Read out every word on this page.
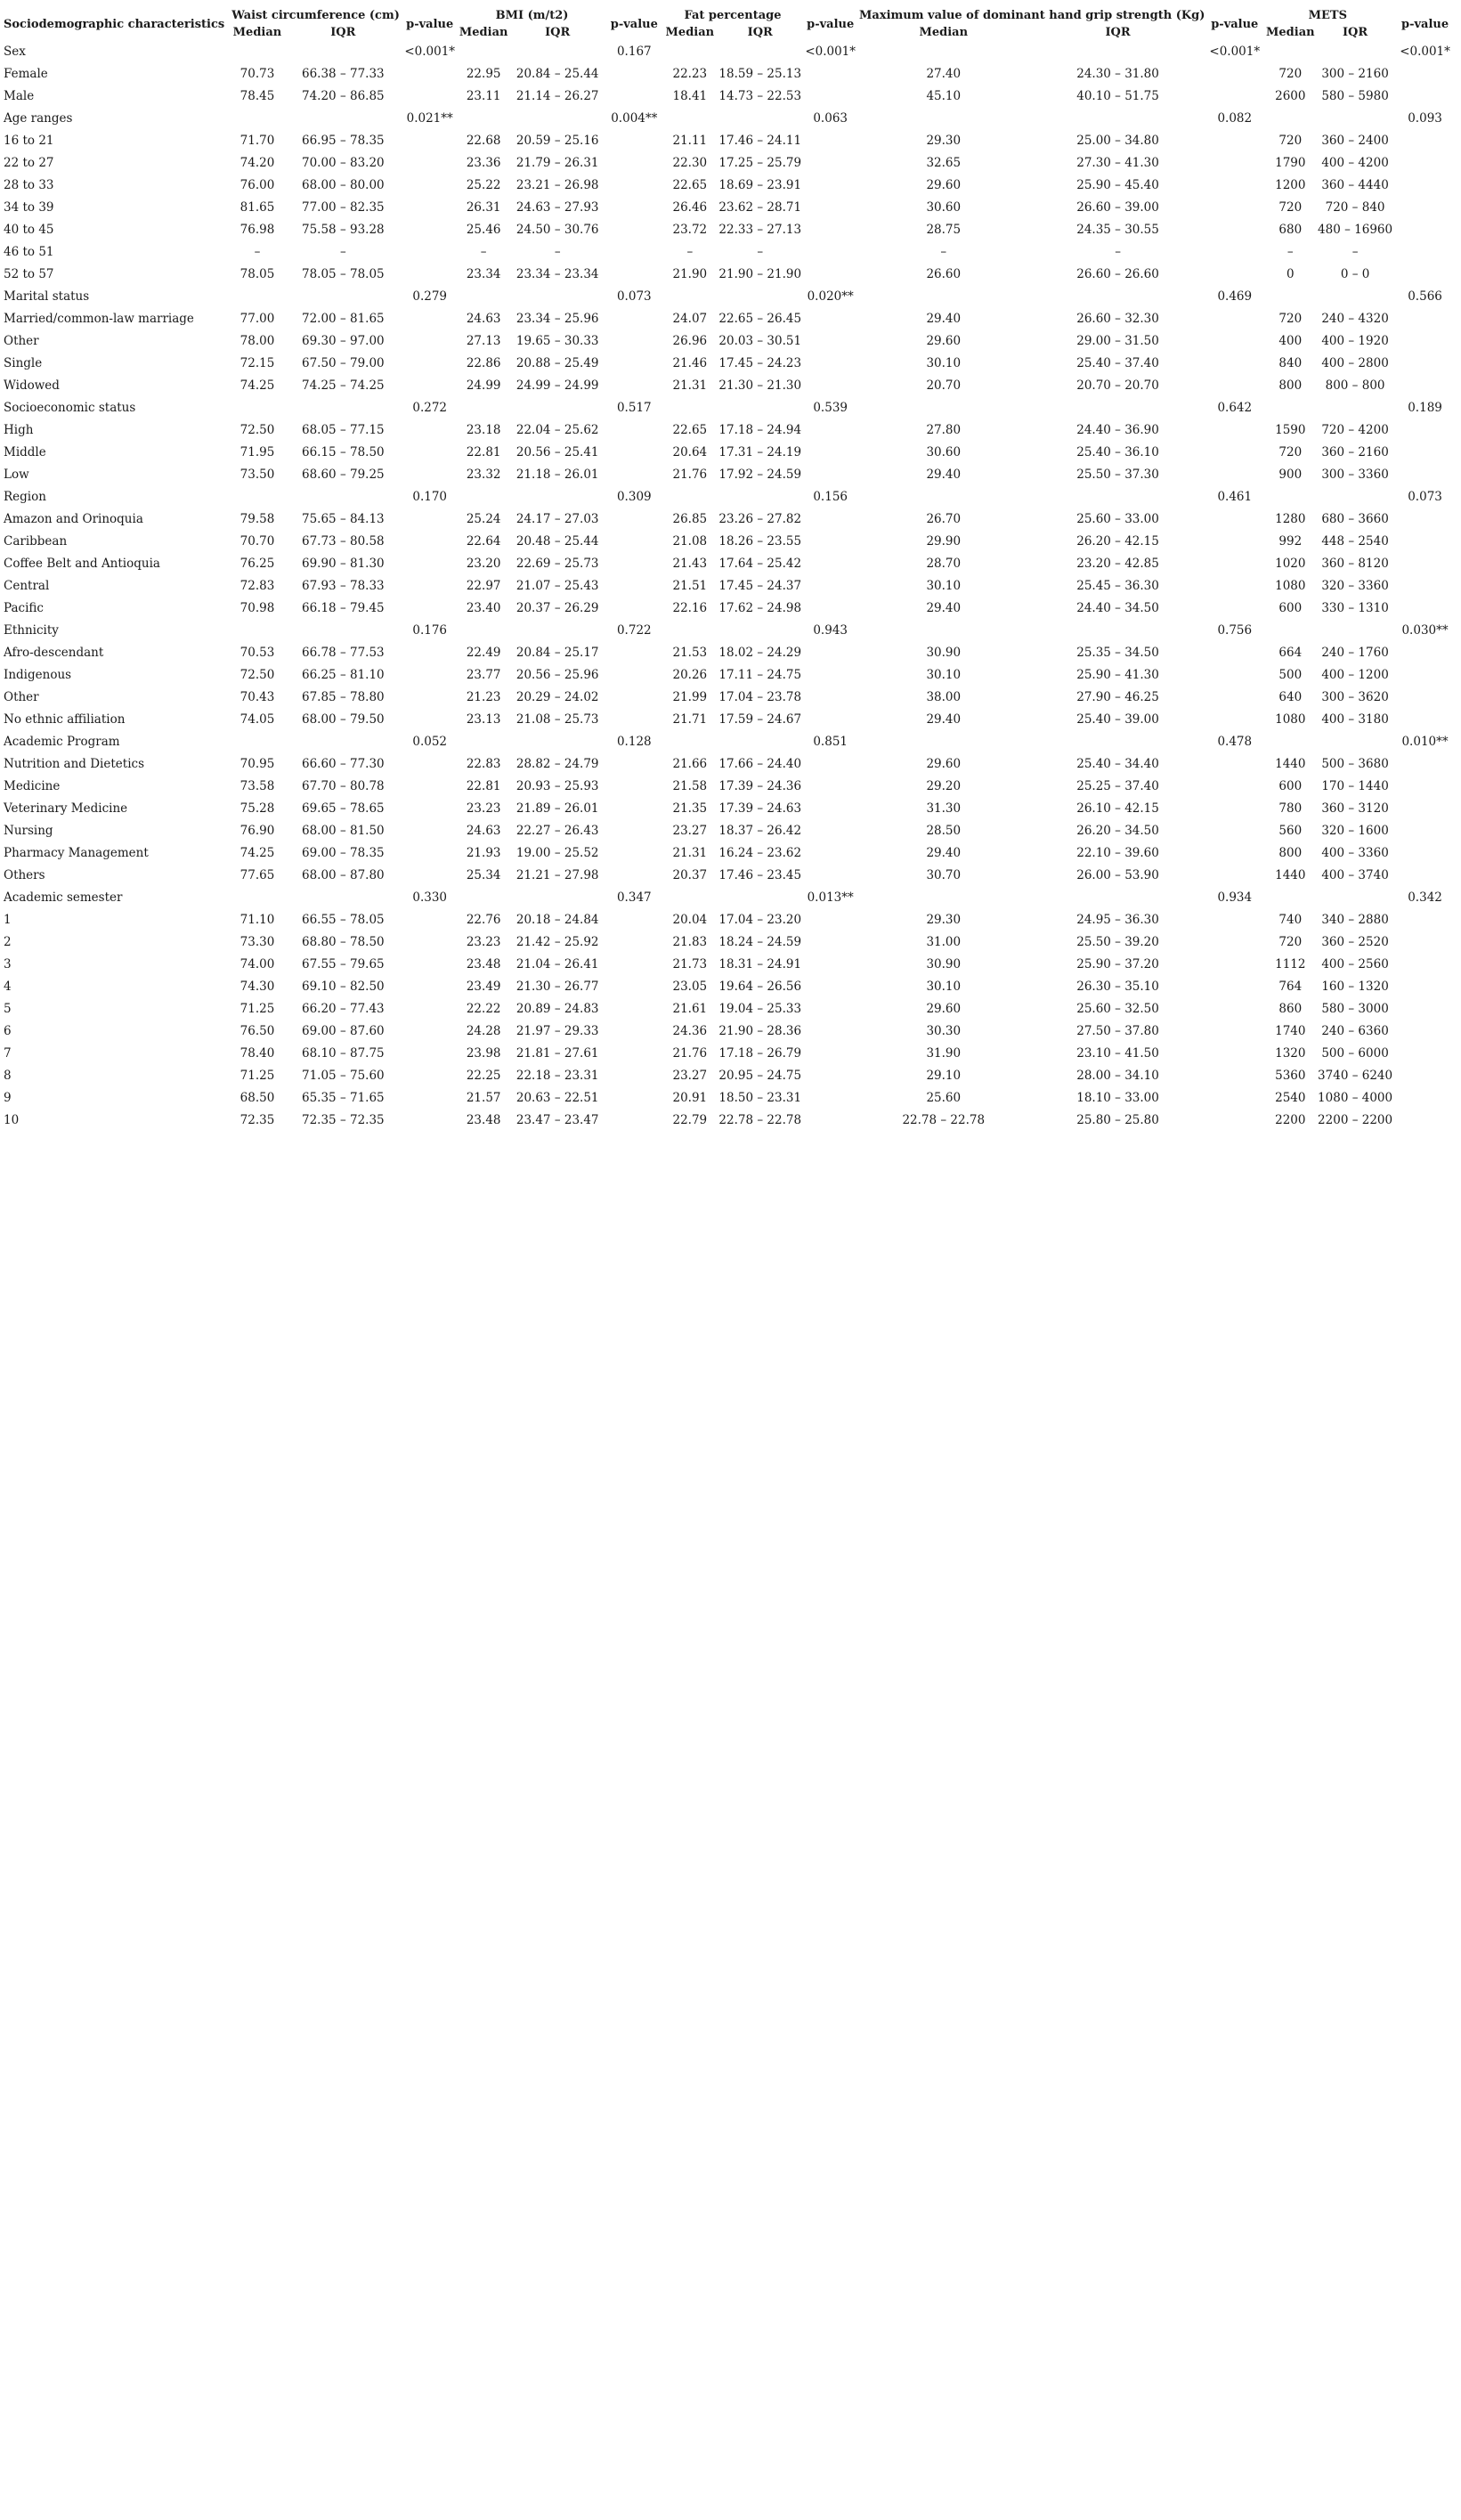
Sociodemographic characteristics	Waist circumference (cm)		p-value	BMI (m/t2)		p-value	Fat percentage		p-value	Maximum value of dominant hand grip strength (Kg)		p-value	METS		p-value
	Median	IQR		Median	IQR		Median	IQR		Median	IQR		Median	IQR	
Sex			<0.001*			0.167			<0.001*			<0.001*			<0.001*
Female	70.73	66.38 – 77.33		22.95	20.84 – 25.44		22.23	18.59 – 25.13		27.40	24.30 – 31.80		720	300 – 2160	
Male	78.45	74.20 – 86.85		23.11	21.14 – 26.27		18.41	14.73 – 22.53		45.10	40.10 – 51.75		2600	580 – 5980	
Age ranges			0.021**			0.004**			0.063			0.082			0.093
16 to 21	71.70	66.95 – 78.35		22.68	20.59 – 25.16		21.11	17.46 – 24.11		29.30	25.00 – 34.80		720	360 – 2400	
22 to 27	74.20	70.00 – 83.20		23.36	21.79 – 26.31		22.30	17.25 – 25.79		32.65	27.30 – 41.30		1790	400 – 4200	
28 to 33	76.00	68.00 – 80.00		25.22	23.21 – 26.98		22.65	18.69 – 23.91		29.60	25.90 – 45.40		1200	360 – 4440	
34 to 39	81.65	77.00 – 82.35		26.31	24.63 – 27.93		26.46	23.62 – 28.71		30.60	26.60 – 39.00		720	720 – 840	
40 to 45	76.98	75.58 – 93.28		25.46	24.50 – 30.76		23.72	22.33 – 27.13		28.75	24.35 – 30.55		680	480 – 16960	
46 to 51	–	–		–	–		–	–		–	–		–	–	
52 to 57	78.05	78.05 – 78.05		23.34	23.34 – 23.34		21.90	21.90 – 21.90		26.60	26.60 – 26.60		0	0 – 0	
Marital status			0.279			0.073			0.020**			0.469			0.566
Married/common-law marriage	77.00	72.00 – 81.65		24.63	23.34 – 25.96		24.07	22.65 – 26.45		29.40	26.60 – 32.30		720	240 – 4320	
Other	78.00	69.30 – 97.00		27.13	19.65 – 30.33		26.96	20.03 – 30.51		29.60	29.00 – 31.50		400	400 – 1920	
Single	72.15	67.50 – 79.00		22.86	20.88 – 25.49		21.46	17.45 – 24.23		30.10	25.40 – 37.40		840	400 – 2800	
Widowed	74.25	74.25 – 74.25		24.99	24.99 – 24.99		21.31	21.30 – 21.30		20.70	20.70 – 20.70		800	800 – 800	
Socioeconomic status			0.272			0.517			0.539			0.642			0.189
High	72.50	68.05 – 77.15		23.18	22.04 – 25.62		22.65	17.18 – 24.94		27.80	24.40 – 36.90		1590	720 – 4200	
Middle	71.95	66.15 – 78.50		22.81	20.56 – 25.41		20.64	17.31 – 24.19		30.60	25.40 – 36.10		720	360 – 2160	
Low	73.50	68.60 – 79.25		23.32	21.18 – 26.01		21.76	17.92 – 24.59		29.40	25.50 – 37.30		900	300 – 3360	
Region			0.170			0.309			0.156			0.461			0.073
Amazon and Orinoquia	79.58	75.65 – 84.13		25.24	24.17 – 27.03		26.85	23.26 – 27.82		26.70	25.60 – 33.00		1280	680 – 3660	
Caribbean	70.70	67.73 – 80.58		22.64	20.48 – 25.44		21.08	18.26 – 23.55		29.90	26.20 – 42.15		992	448 – 2540	
Coffee Belt and Antioquia	76.25	69.90 – 81.30		23.20	22.69 – 25.73		21.43	17.64 – 25.42		28.70	23.20 – 42.85		1020	360 – 8120	
Central	72.83	67.93 – 78.33		22.97	21.07 – 25.43		21.51	17.45 – 24.37		30.10	25.45 – 36.30		1080	320 – 3360	
Pacific	70.98	66.18 – 79.45		23.40	20.37 – 26.29		22.16	17.62 – 24.98		29.40	24.40 – 34.50		600	330 – 1310	
Ethnicity			0.176			0.722			0.943			0.756			0.030**
Afro-descendant	70.53	66.78 – 77.53		22.49	20.84 – 25.17		21.53	18.02 – 24.29		30.90	25.35 – 34.50		664	240 – 1760	
Indigenous	72.50	66.25 – 81.10		23.77	20.56 – 25.96		20.26	17.11 – 24.75		30.10	25.90 – 41.30		500	400 – 1200	
Other	70.43	67.85 – 78.80		21.23	20.29 – 24.02		21.99	17.04 – 23.78		38.00	27.90 – 46.25		640	300 – 3620	
No ethnic affiliation	74.05	68.00 – 79.50		23.13	21.08 – 25.73		21.71	17.59 – 24.67		29.40	25.40 – 39.00		1080	400 – 3180	
Academic Program			0.052			0.128			0.851			0.478			0.010**
Nutrition and Dietetics	70.95	66.60 – 77.30		22.83	28.82 – 24.79		21.66	17.66 – 24.40		29.60	25.40 – 34.40		1440	500 – 3680	
Medicine	73.58	67.70 – 80.78		22.81	20.93 – 25.93		21.58	17.39 – 24.36		29.20	25.25 – 37.40		600	170 – 1440	
Veterinary Medicine	75.28	69.65 – 78.65		23.23	21.89 – 26.01		21.35	17.39 – 24.63		31.30	26.10 – 42.15		780	360 – 3120	
Nursing	76.90	68.00 – 81.50		24.63	22.27 – 26.43		23.27	18.37 – 26.42		28.50	26.20 – 34.50		560	320 – 1600	
Pharmacy Management	74.25	69.00 – 78.35		21.93	19.00 – 25.52		21.31	16.24 – 23.62		29.40	22.10 – 39.60		800	400 – 3360	
Others	77.65	68.00 – 87.80		25.34	21.21 – 27.98		20.37	17.46 – 23.45		30.70	26.00 – 53.90		1440	400 – 3740	
Academic semester			0.330			0.347			0.013**			0.934			0.342
1	71.10	66.55 – 78.05		22.76	20.18 – 24.84		20.04	17.04 – 23.20		29.30	24.95 – 36.30		740	340 – 2880	
2	73.30	68.80 – 78.50		23.23	21.42 – 25.92		21.83	18.24 – 24.59		31.00	25.50 – 39.20		720	360 – 2520	
3	74.00	67.55 – 79.65		23.48	21.04 – 26.41		21.73	18.31 – 24.91		30.90	25.90 – 37.20		1112	400 – 2560	
4	74.30	69.10 – 82.50		23.49	21.30 – 26.77		23.05	19.64 – 26.56		30.10	26.30 – 35.10		764	160 – 1320	
5	71.25	66.20 – 77.43		22.22	20.89 – 24.83		21.61	19.04 – 25.33		29.60	25.60 – 32.50		860	580 – 3000	
6	76.50	69.00 – 87.60		24.28	21.97 – 29.33		24.36	21.90 – 28.36		30.30	27.50 – 37.80		1740	240 – 6360	
7	78.40	68.10 – 87.75		23.98	21.81 – 27.61		21.76	17.18 – 26.79		31.90	23.10 – 41.50		1320	500 – 6000	
8	71.25	71.05 – 75.60		22.25	22.18 – 23.31		23.27	20.95 – 24.75		29.10	28.00 – 34.10		5360	3740 – 6240	
9	68.50	65.35 – 71.65		21.57	20.63 – 22.51		20.91	18.50 – 23.31		25.60	18.10 – 33.00		2540	1080 – 4000	
10	72.35	72.35 – 72.35		23.48	23.47 – 23.47		22.79	22.78 – 22.78		22.78 – 22.78	25.80 – 25.80		2200	2200 – 2200	
